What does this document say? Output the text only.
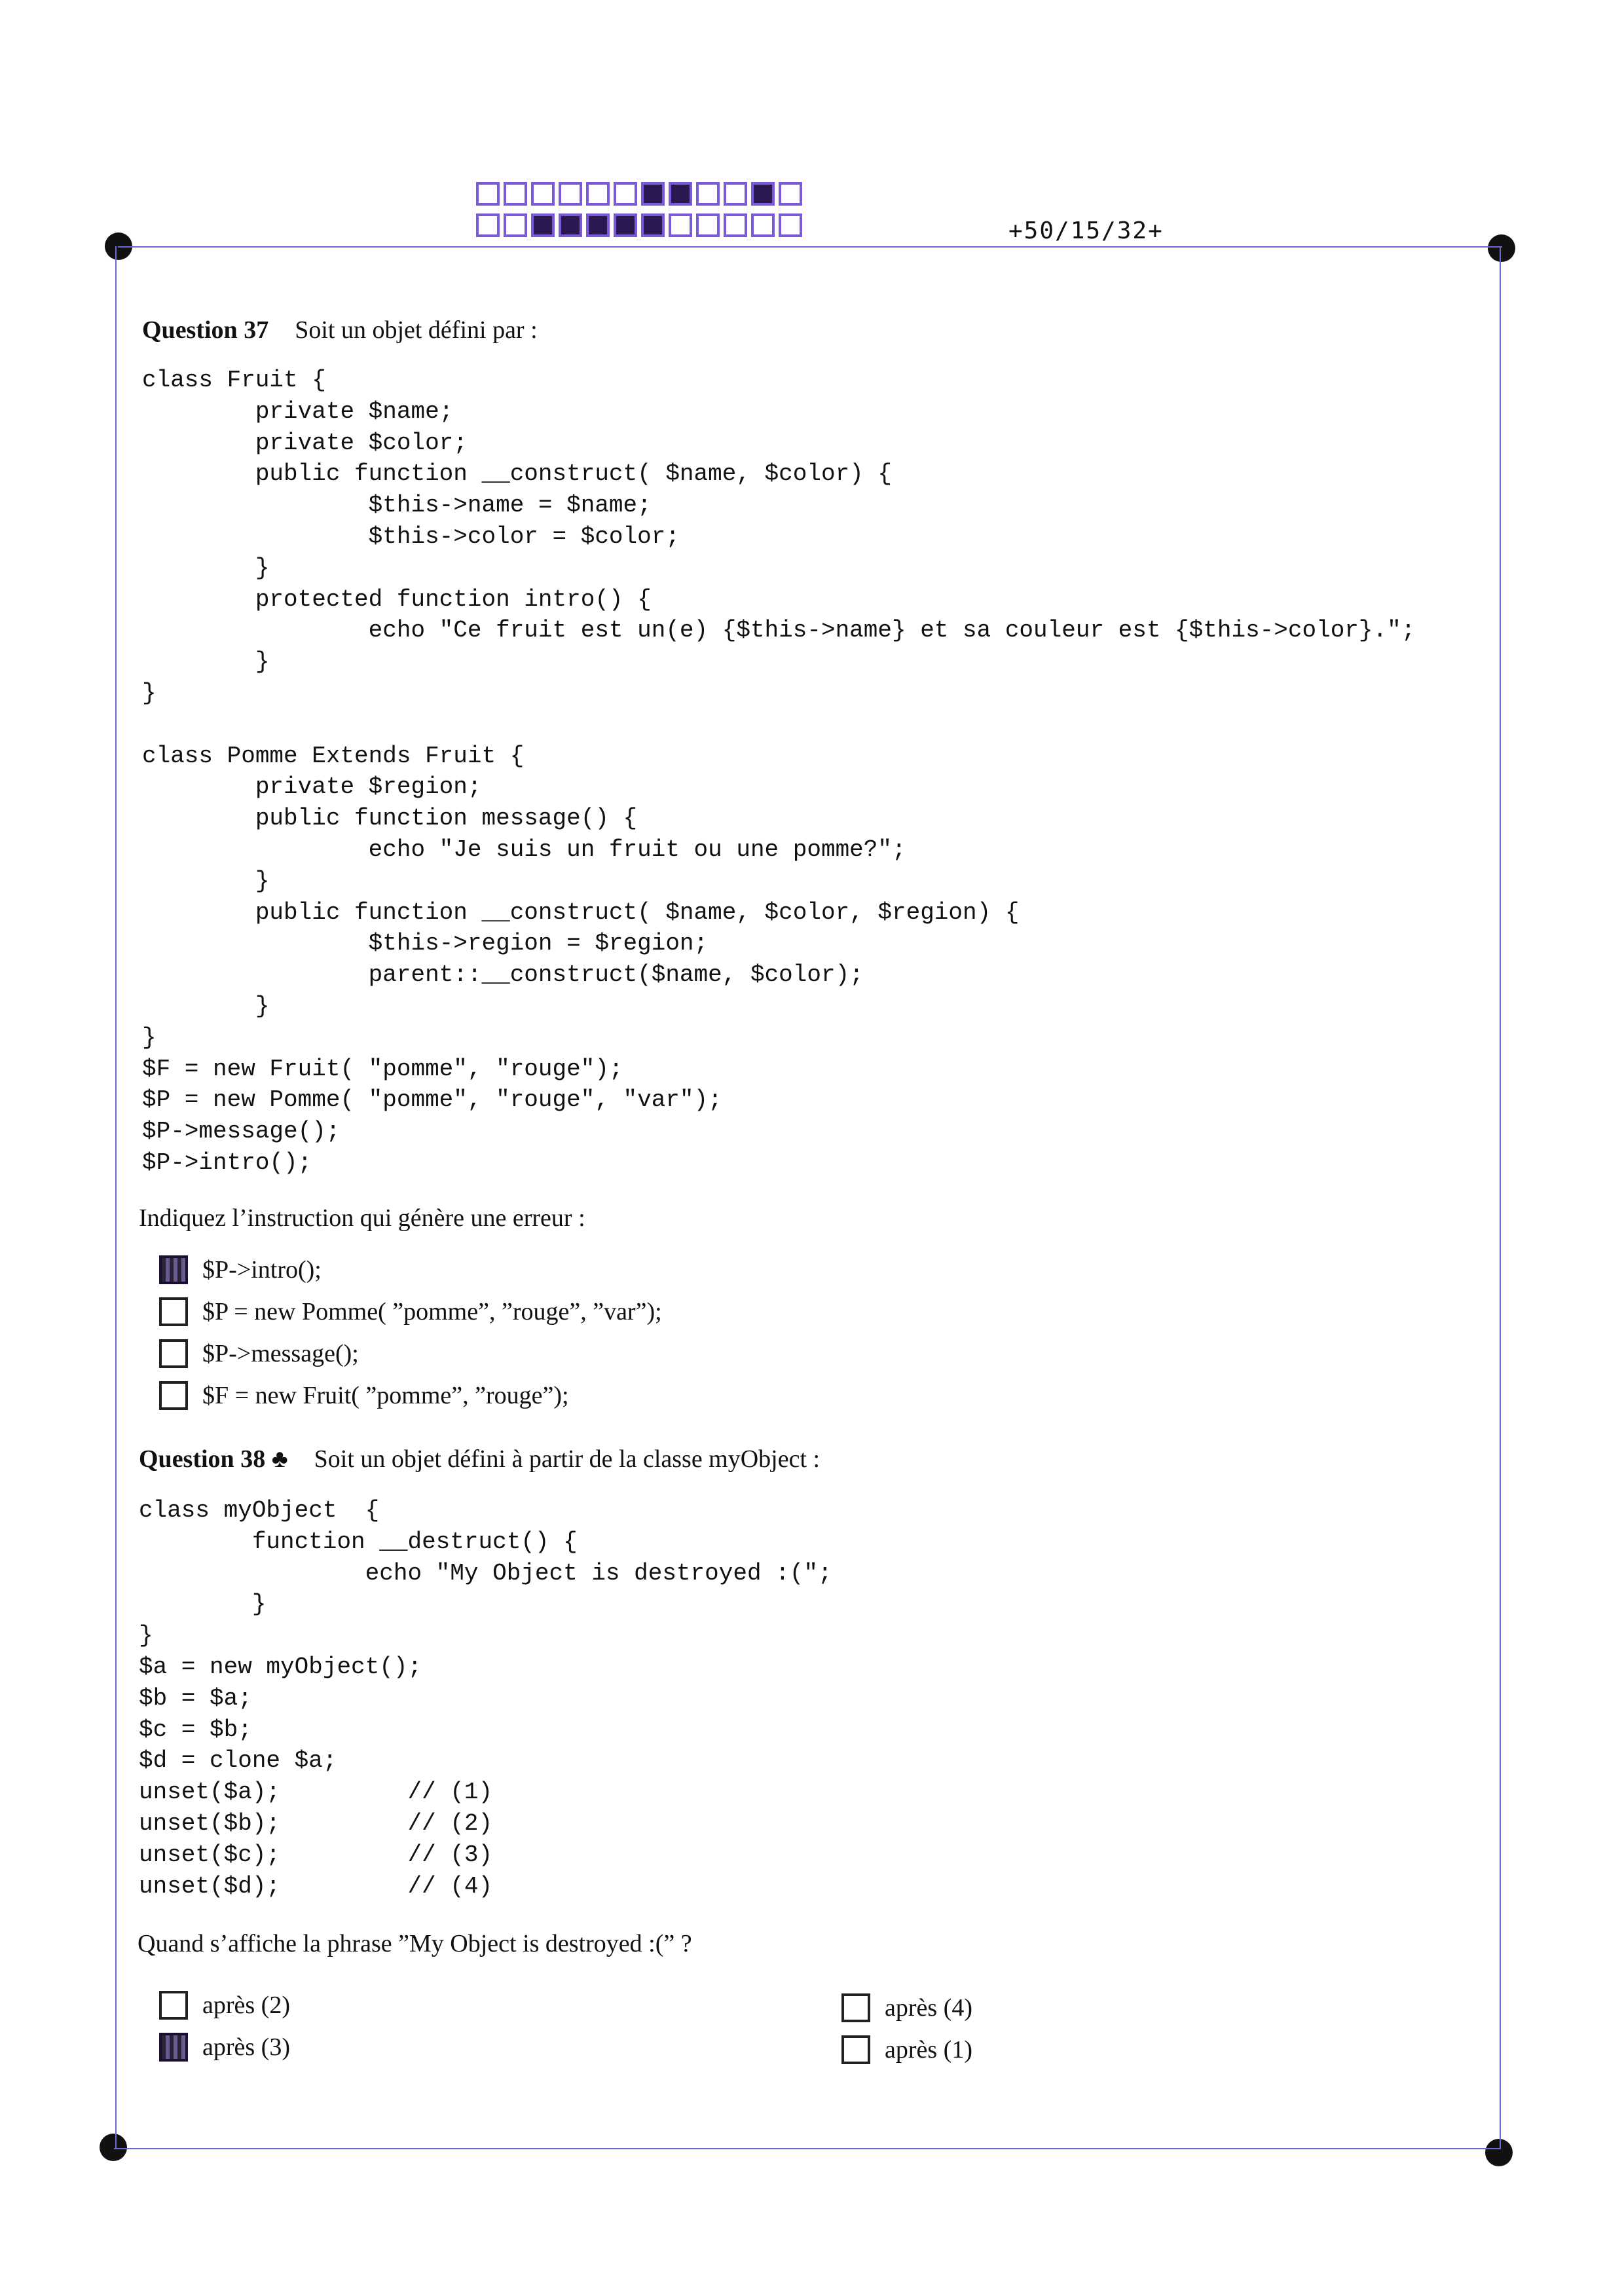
+50/15/32+
Question 37 Soit un objet défini par :
class Fruit {
private $name;
private $color;
public function __construct( $name, $color) {
$this->name = $name;
$this->color = $color;
}
protected function intro() {
echo "Ce fruit est un(e) {$this->name} et sa couleur est {$this->color}.";
}
}

class Pomme Extends Fruit {
private $region;
public function message() {
echo "Je suis un fruit ou une pomme?";
}
public function __construct( $name, $color, $region) {
$this->region = $region;
parent::__construct($name, $color);
}
}
$F = new Fruit( "pomme", "rouge");
$P = new Pomme( "pomme", "rouge", "var");
$P->message();
$P->intro();
Indiquez l’instruction qui génère une erreur :
$P->intro();
$P = new Pomme( ”pomme”, ”rouge”, ”var”);
$P->message();
$F = new Fruit( ”pomme”, ”rouge”);
Question 38 ♣ Soit un objet défini à partir de la classe myObject :
class myObject  {
function __destruct() {
echo "My Object is destroyed :(";
}
}
$a = new myObject();
$b = $a;
$c = $b;
$d = clone $a;
unset($a);         // (1)
unset($b);         // (2)
unset($c);         // (3)
unset($d);         // (4)
Quand s’affiche la phrase ”My Object is destroyed :(” ?
après (2)
après (3)
après (4)
après (1)
